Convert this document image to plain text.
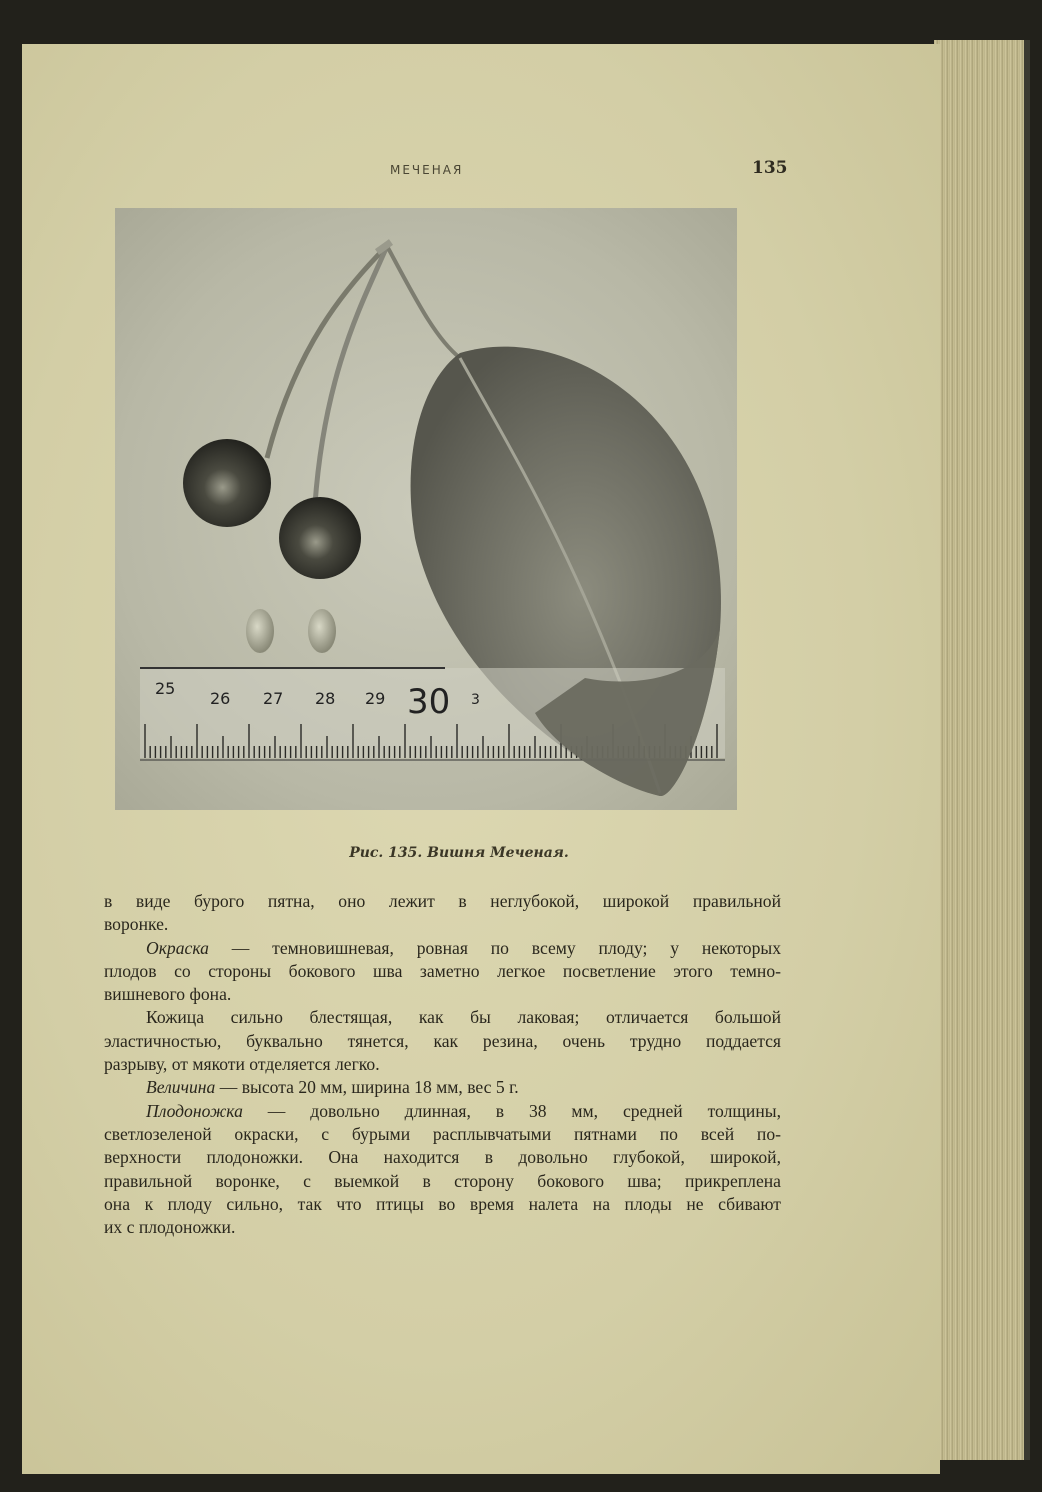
МЕЧЕНАЯ	135
25
26 27 28 29 30 3
Рис. 135. Вишня Меченая.

в виде бурого пятна, оно лежит в неглубокой, широкой правильной

воронке.

Окраска — темновишневая, ровная по всему плоду; у некоторых

плодов со стороны бокового шва заметно легкое посветление этого темно-

вишневого фона.

Кожица сильно блестящая, как бы лаковая; отличается большой

эластичностью, буквально тянется, как резина, очень трудно поддается

разрыву, от мякоти отделяется легко.

Величина — высота 20 мм, ширина 18 мм, вес 5 г.

Плодоножка — довольно длинная, в 38 мм, средней толщины,

светлозеленой окраски, с бурыми расплывчатыми пятнами по всей по-

верхности плодоножки. Она находится в довольно глубокой, широкой,

правильной воронке, с выемкой в сторону бокового шва; прикреплена

она к плоду сильно, так что птицы во время налета на плоды не сбивают

их с плодоножки.
